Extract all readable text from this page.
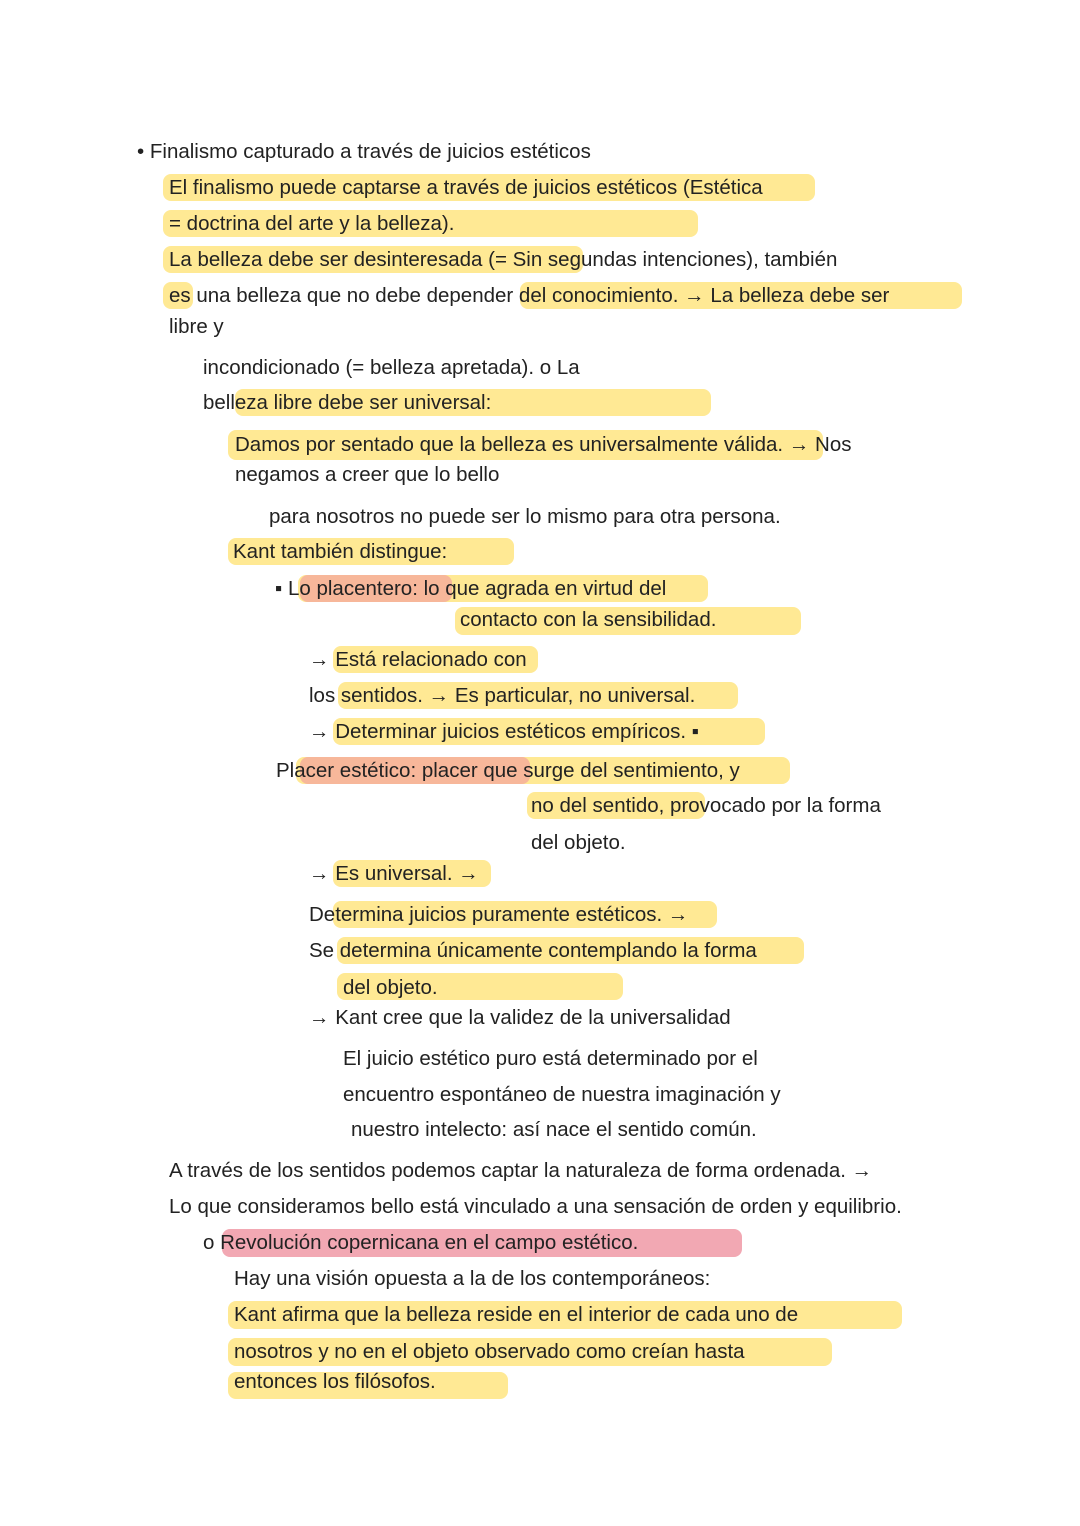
• Finalismo capturado a través de juicios estéticos
El finalismo puede captarse a través de juicios estéticos (Estética
= doctrina del arte y la belleza).
La belleza debe ser desinteresada (= Sin segundas intenciones), también
es una belleza que no debe depender del conocimiento. → La belleza debe ser
libre y
incondicionado (= belleza apretada). o La
belleza libre debe ser universal:
Damos por sentado que la belleza es universalmente válida. → Nos
negamos a creer que lo bello
para nosotros no puede ser lo mismo para otra persona.
Kant también distingue:
▪ Lo placentero: lo que agrada en virtud del
contacto con la sensibilidad.
→ Está relacionado con
los sentidos. → Es particular, no universal.
→ Determinar juicios estéticos empíricos. ▪
Placer estético: placer que surge del sentimiento, y
no del sentido, provocado por la forma
del objeto.
→ Es universal. →
Determina juicios puramente estéticos. →
Se determina únicamente contemplando la forma
del objeto.
→ Kant cree que la validez de la universalidad
El juicio estético puro está determinado por el
encuentro espontáneo de nuestra imaginación y
nuestro intelecto: así nace el sentido común.
A través de los sentidos podemos captar la naturaleza de forma ordenada. →
Lo que consideramos bello está vinculado a una sensación de orden y equilibrio.
o Revolución copernicana en el campo estético.
Hay una visión opuesta a la de los contemporáneos:
Kant afirma que la belleza reside en el interior de cada uno de
nosotros y no en el objeto observado como creían hasta
entonces los filósofos.
